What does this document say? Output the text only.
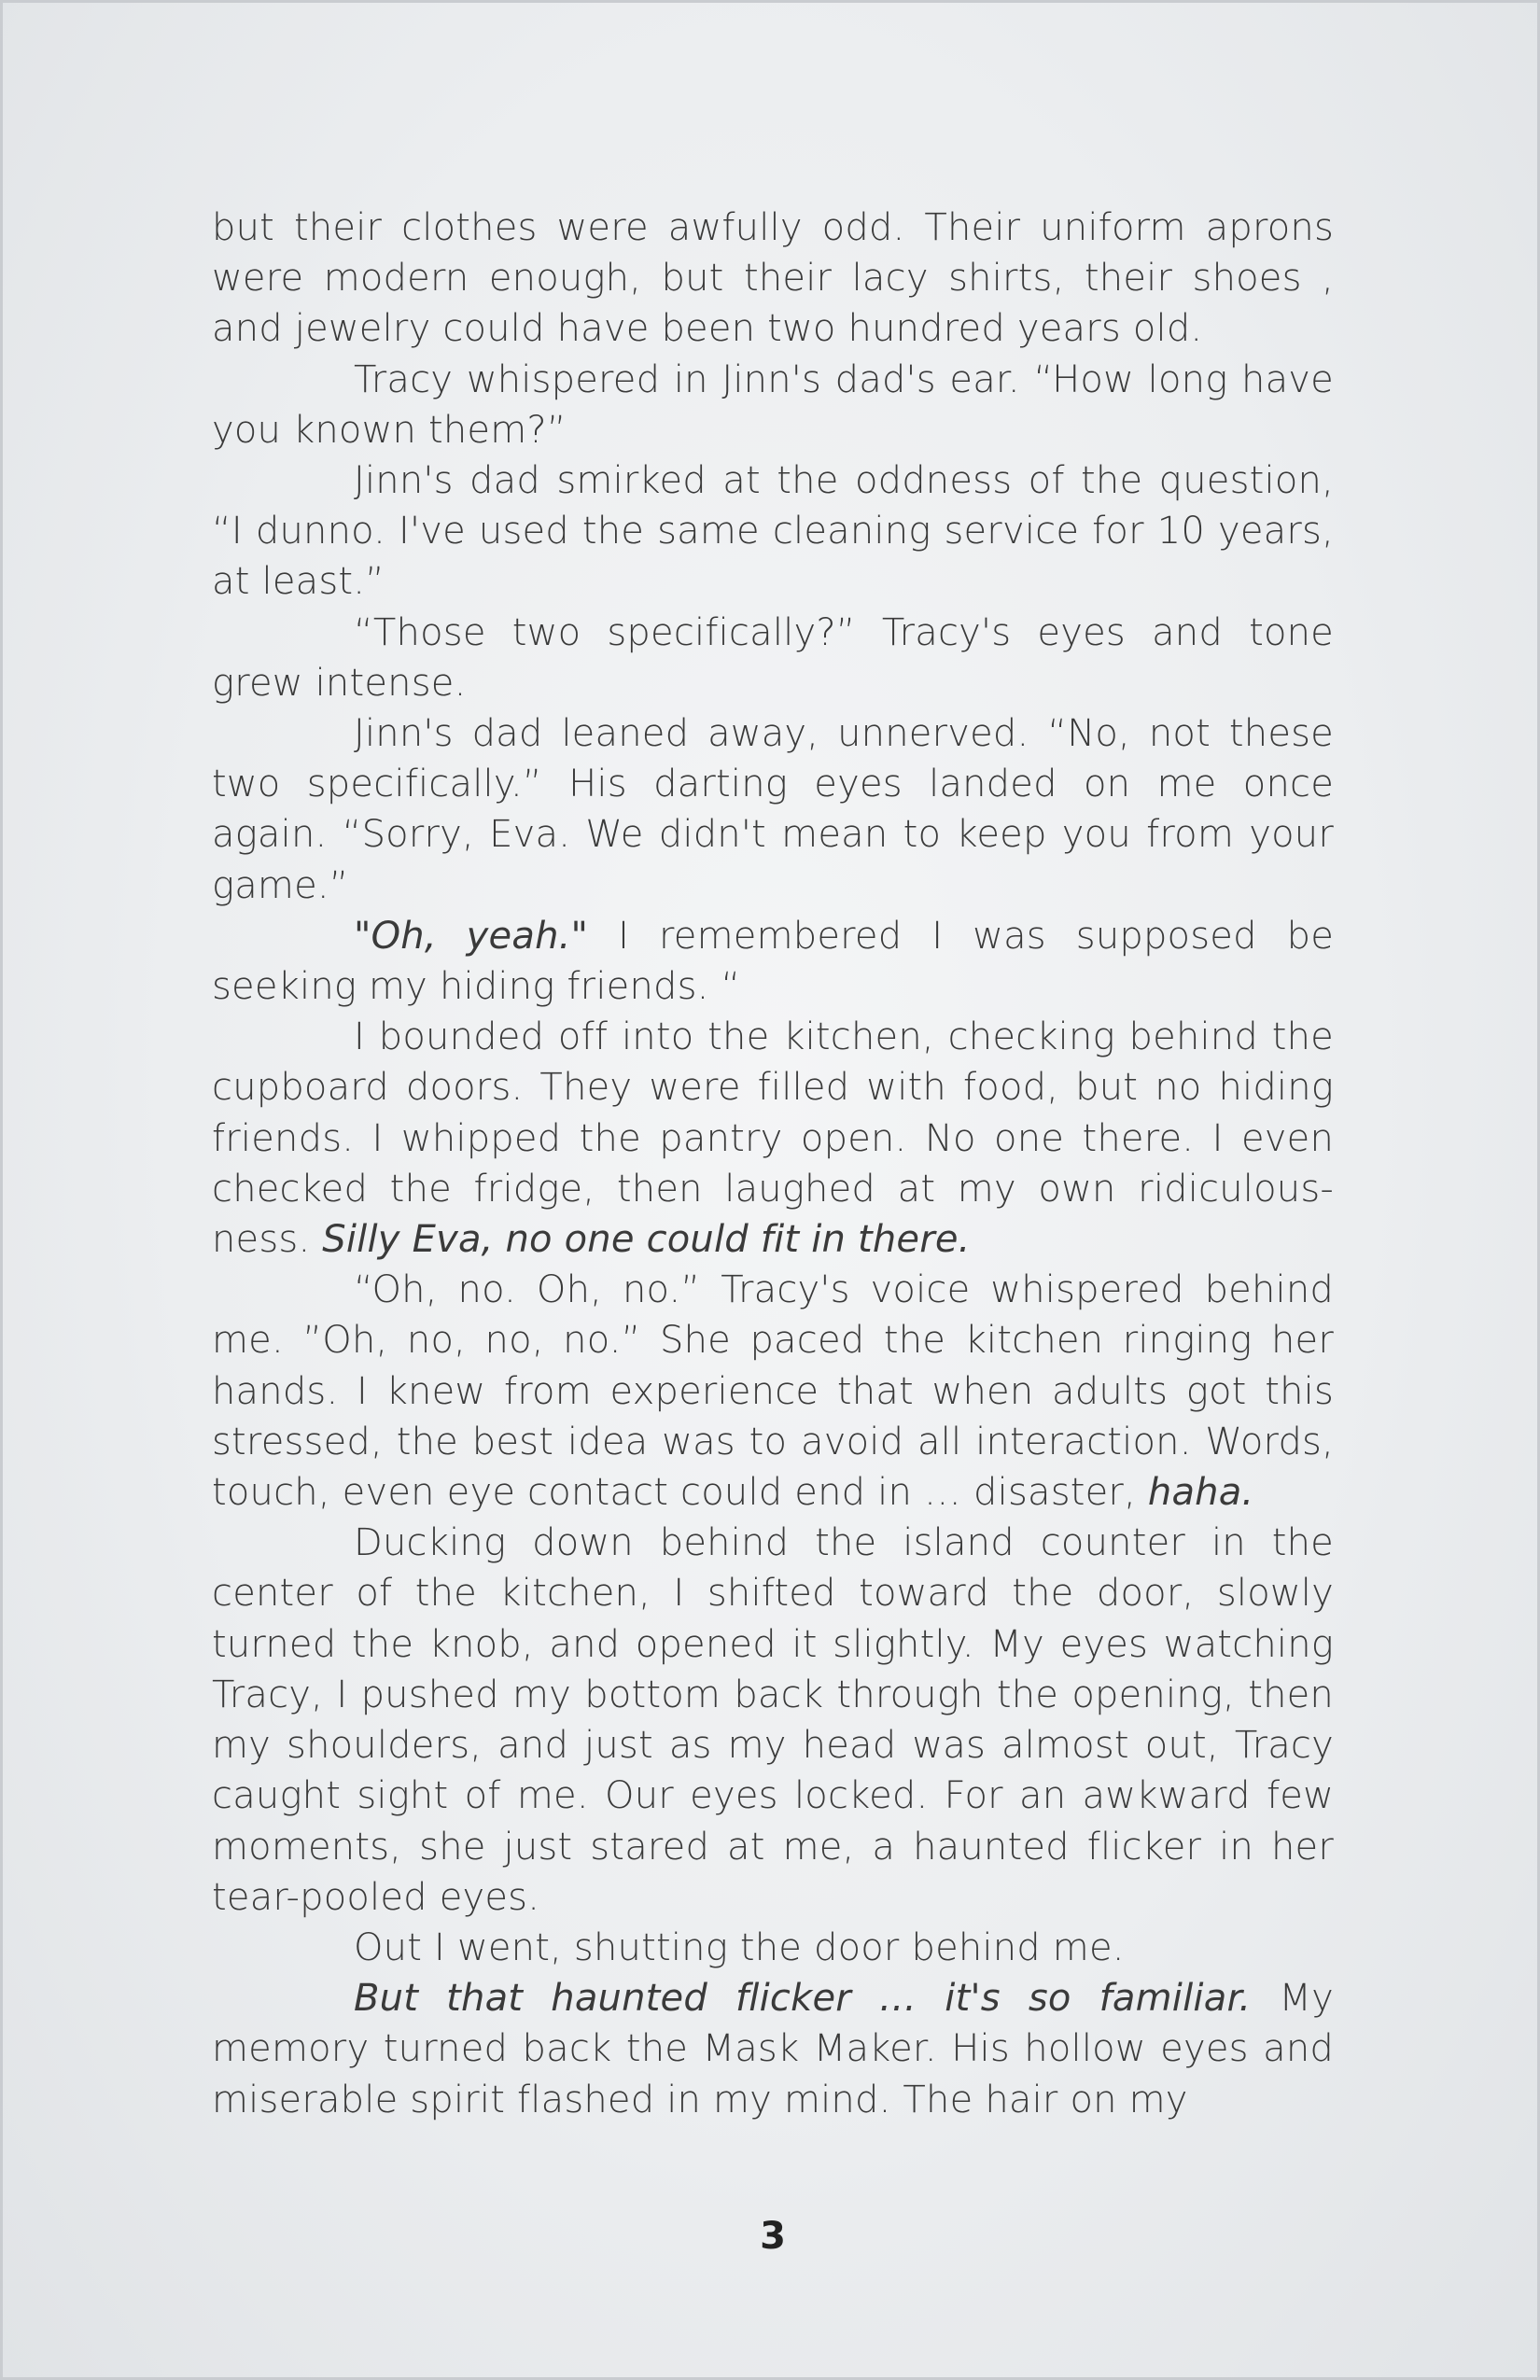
but their clothes were awfully odd. Their uniform aprons were modern enough, but their lacy shirts, their shoes , and jewelry could have been two hundred years old.

Tracy whispered in Jinn's dad's ear. “How long have you known them?”

Jinn's dad smirked at the oddness of the question, “I dunno. I've used the same cleaning service for 10 years, at least.”

“Those two specifically?” Tracy's eyes and tone grew intense.

Jinn's dad leaned away, unnerved. “No, not these two specifically.” His darting eyes landed on me once again. “Sorry, Eva. We didn't mean to keep you from your game.”

"Oh, yeah." I remembered I was supposed be seeking my hiding friends. “

I bounded off into the kitchen, checking behind the cupboard doors. They were filled with food, but no hiding friends. I whipped the pantry open. No one there. I even checked the fridge, then laughed at my own ridiculous-ness. Silly Eva, no one could fit in there.

“Oh, no. Oh, no.” Tracy's voice whispered behind me. ”Oh, no, no, no.” She paced the kitchen ringing her hands. I knew from experience that when adults got this stressed, the best idea was to avoid all interaction. Words, touch, even eye contact could end in … disaster, haha.

Ducking down behind the island counter in the center of the kitchen, I shifted toward the door, slowly turned the knob, and opened it slightly. My eyes watching Tracy, I pushed my bottom back through the opening, then my shoulders, and just as my head was almost out, Tracy caught sight of me. Our eyes locked. For an awkward few moments, she just stared at me, a haunted flicker in her tear-pooled eyes.

Out I went, shutting the door behind me.

But that haunted flicker … it's so familiar. My memory turned back the Mask Maker. His hollow eyes and miserable spirit flashed in my mind. The hair on my

3
